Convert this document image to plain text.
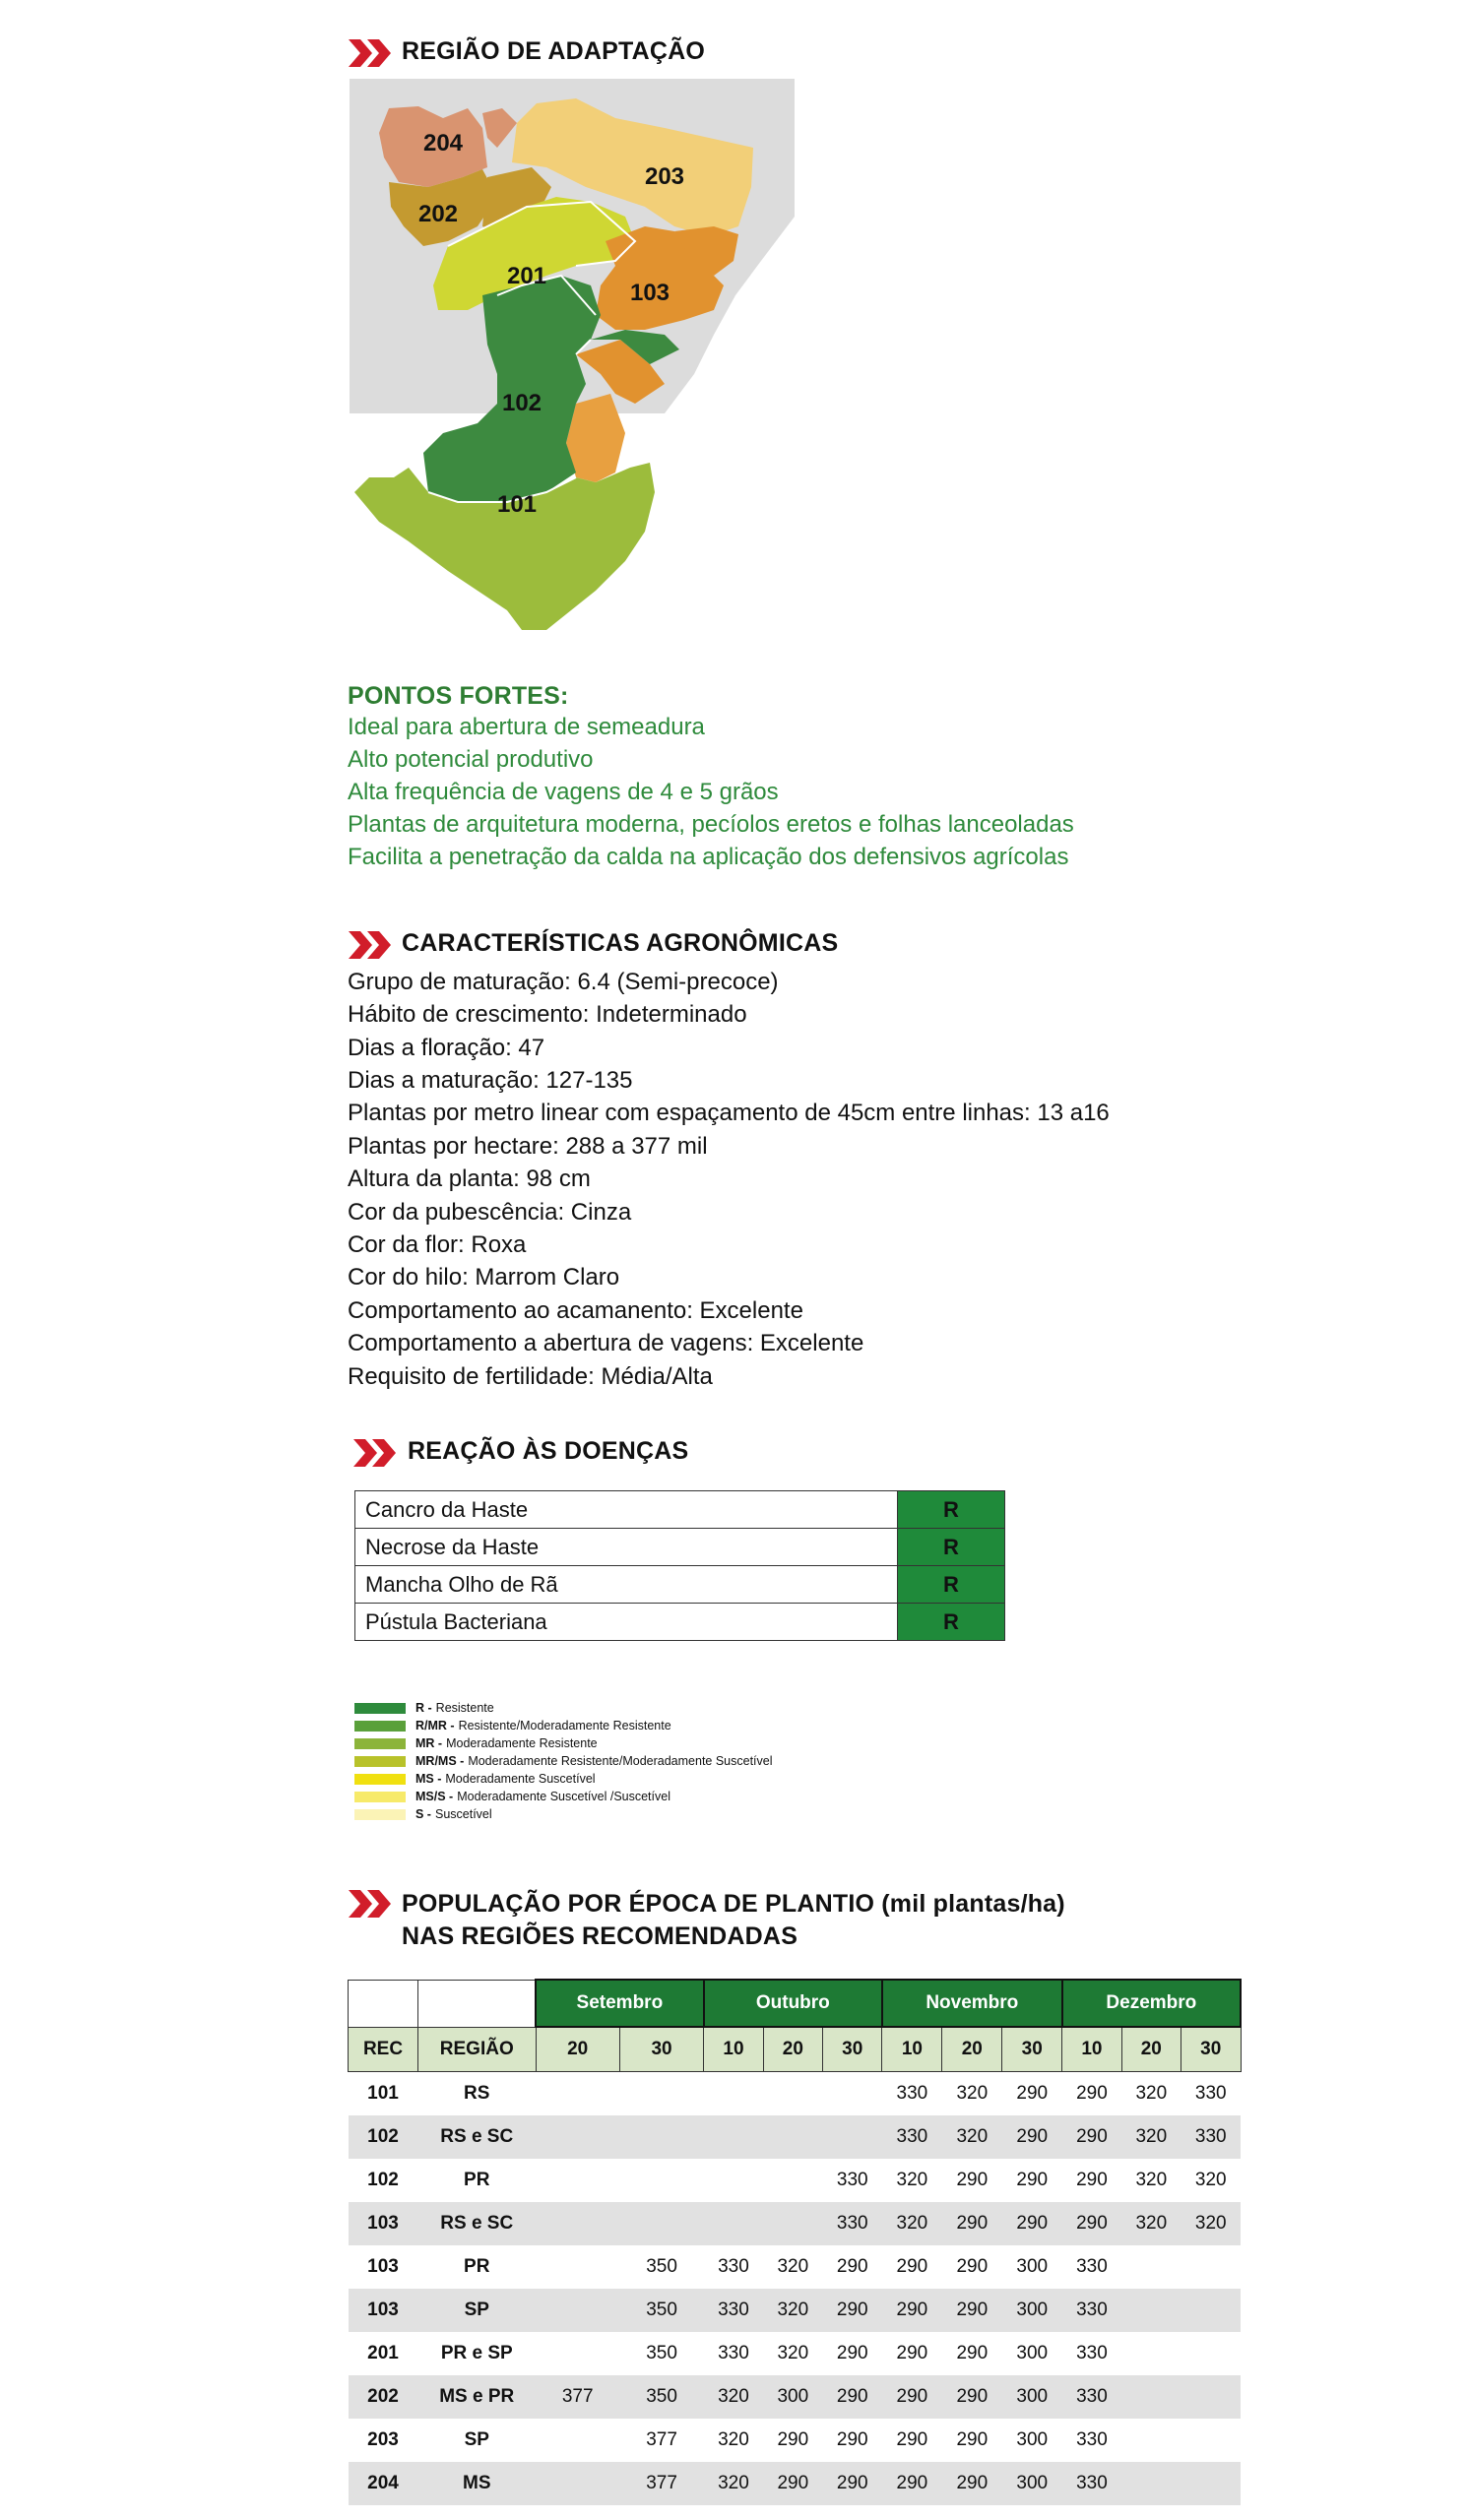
REGIÃO DE ADAPTAÇÃO
204
203
202
201
103
102
101
PONTOS FORTES:
Ideal para abertura de semeadura
Alto potencial produtivo
Alta frequência de vagens de 4 e 5 grãos
Plantas de arquitetura moderna, pecíolos eretos e folhas lanceoladas
Facilita a penetração da calda na aplicação dos defensivos agrícolas
CARACTERÍSTICAS AGRONÔMICAS
Grupo de maturação: 6.4 (Semi-precoce)
Hábito de crescimento: Indeterminado
Dias a floração: 47
Dias a maturação: 127-135
Plantas por metro linear com espaçamento de 45cm entre linhas: 13 a16
Plantas por hectare: 288 a 377 mil
Altura da planta: 98 cm
Cor da pubescência: Cinza
Cor da flor: Roxa
Cor do hilo: Marrom Claro
Comportamento ao acamanento: Excelente
Comportamento a abertura de vagens: Excelente
Requisito de fertilidade: Média/Alta
REAÇÃO ÀS DOENÇAS
Cancro da Haste	R
Necrose da Haste	R
Mancha Olho de Rã	R
Pústula Bacteriana	R
R - Resistente
R/MR - Resistente/Moderadamente Resistente
MR - Moderadamente Resistente
MR/MS - Moderadamente Resistente/Moderadamente Suscetível
MS - Moderadamente Suscetível
MS/S - Moderadamente Suscetível /Suscetível
S - Suscetível
POPULAÇÃO POR ÉPOCA DE PLANTIO (mil plantas/ha)
NAS REGIÕES RECOMENDADAS
		Setembro		Outubro			Novembro			Dezembro		
REC	REGIÃO	20	30	10	20	30	10	20	30	10	20	30
101	RS						330	320	290	290	320	330
102	RS e SC						330	320	290	290	320	330
102	PR					330	320	290	290	290	320	320
103	RS e SC					330	320	290	290	290	320	320
103	PR		350	330	320	290	290	290	300	330		
103	SP		350	330	320	290	290	290	300	330		
201	PR e SP		350	330	320	290	290	290	300	330		
202	MS e PR	377	350	320	300	290	290	290	300	330		
203	SP		377	320	290	290	290	290	300	330		
204	MS		377	320	290	290	290	290	300	330		
